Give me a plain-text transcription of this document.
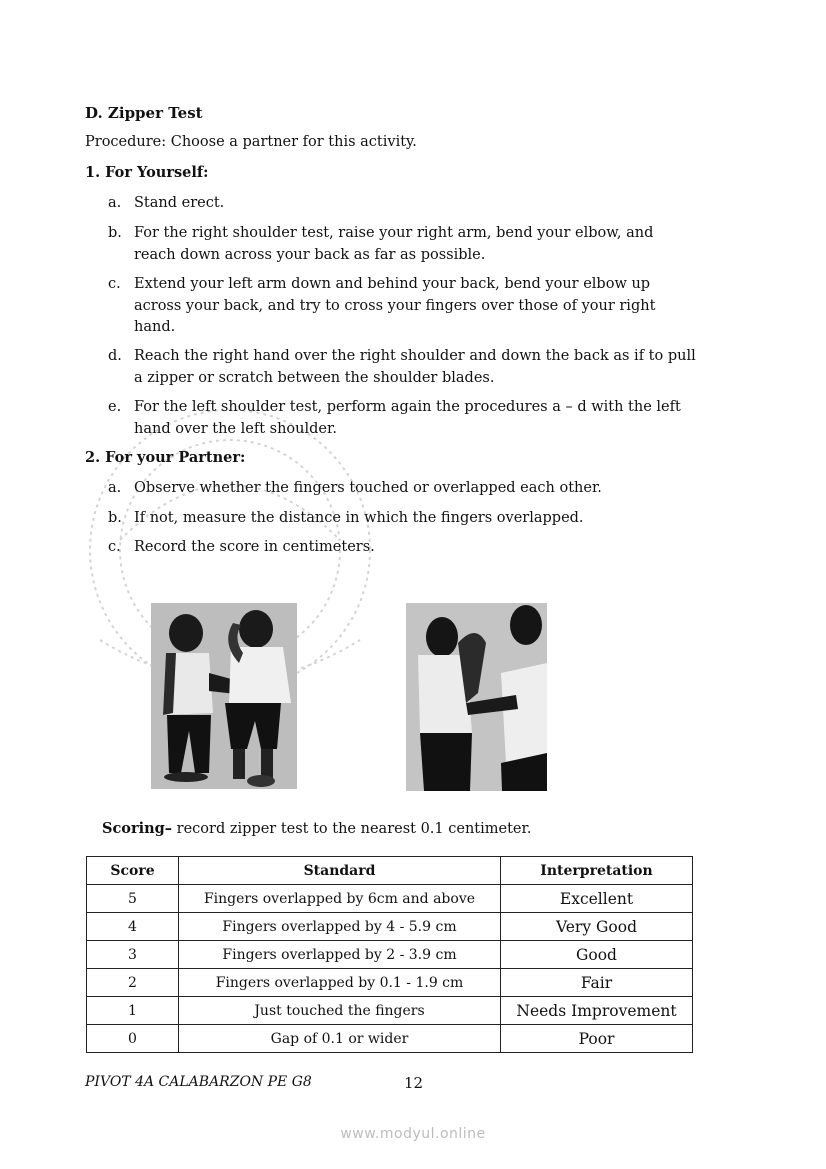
D. Zipper Test
Procedure: Choose a partner for this activity.
1. For Yourself:
a. Stand erect.
b. For the right shoulder test, raise your right arm, bend your elbow, and reach down across your back as far as possible.
c. Extend your left arm down and behind your back, bend your elbow up across your back, and try to cross your fingers over those of your right hand.
d. Reach the right hand over the right shoulder and down the back as if to pull a zipper or scratch between the shoulder blades.
e. For the left shoulder test, perform again the procedures a – d with the left hand over the left shoulder.
2. For your Partner:
a. Observe whether the fingers touched or overlapped each other.
b. If not, measure the distance in which the fingers overlapped.
c. Record the score in centimeters.
Scoring– record zipper test to the nearest 0.1 centimeter.
Score	Standard	Interpretation
5	Fingers overlapped by 6cm and above	Excellent
4	Fingers overlapped by 4 - 5.9 cm	Very Good
3	Fingers overlapped by 2 - 3.9 cm	Good
2	Fingers overlapped by 0.1 - 1.9 cm	Fair
1	Just touched the fingers	Needs Improvement
0	Gap of 0.1 or wider	Poor
PIVOT 4A CALABARZON PE G8	12
www.modyul.online
